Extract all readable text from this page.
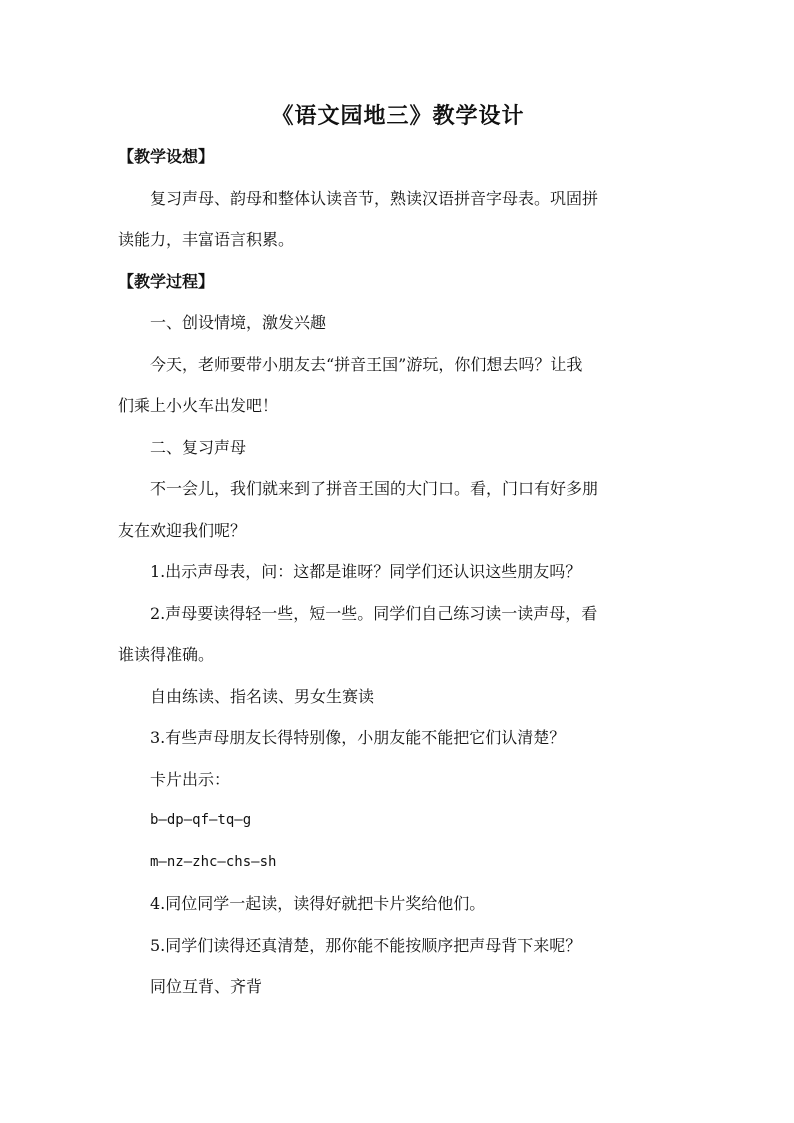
《语文园地三》教学设计

【教学设想】

复习声母、韵母和整体认读音节，熟读汉语拼音字母表。巩固拼

读能力，丰富语言积累。

【教学过程】

一、创设情境，激发兴趣

今天，老师要带小朋友去“拼音王国”游玩，你们想去吗？让我

们乘上小火车出发吧！

二、复习声母

不一会儿，我们就来到了拼音王国的大门口。看，门口有好多朋

友在欢迎我们呢？

1.出示声母表，问：这都是谁呀？同学们还认识这些朋友吗？

2.声母要读得轻一些，短一些。同学们自己练习读一读声母，看

谁读得准确。

自由练读、指名读、男女生赛读

3.有些声母朋友长得特别像，小朋友能不能把它们认清楚？

卡片出示：

b—dp—qf—tq—g

m—nz—zhc—chs—sh

4.同位同学一起读，读得好就把卡片奖给他们。

5.同学们读得还真清楚，那你能不能按顺序把声母背下来呢？

同位互背、齐背
